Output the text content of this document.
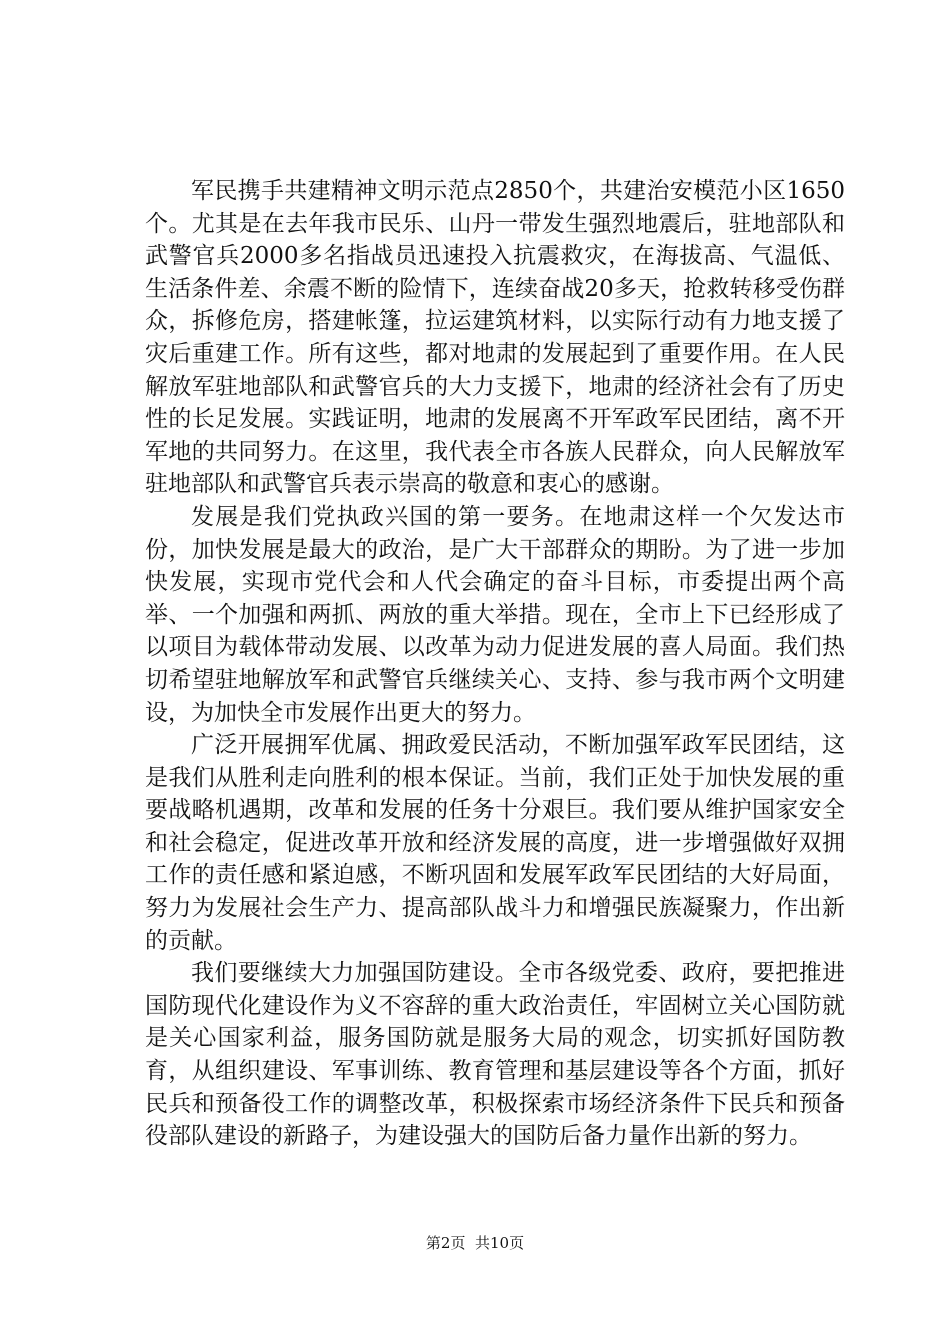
军民携手共建精神文明示范点2850个，共建治安模范小区1650个。尤其是在去年我市民乐、山丹一带发生强烈地震后，驻地部队和武警官兵2000多名指战员迅速投入抗震救灾，在海拔高、气温低、生活条件差、余震不断的险情下，连续奋战20多天，抢救转移受伤群众，拆修危房，搭建帐篷，拉运建筑材料，以实际行动有力地支援了灾后重建工作。所有这些，都对地肃的发展起到了重要作用。在人民解放军驻地部队和武警官兵的大力支援下，地肃的经济社会有了历史性的长足发展。实践证明，地肃的发展离不开军政军民团结，离不开军地的共同努力。在这里，我代表全市各族人民群众，向人民解放军驻地部队和武警官兵表示崇高的敬意和衷心的感谢。

发展是我们党执政兴国的第一要务。在地肃这样一个欠发达市份，加快发展是最大的政治，是广大干部群众的期盼。为了进一步加快发展，实现市党代会和人代会确定的奋斗目标，市委提出两个高举、一个加强和两抓、两放的重大举措。现在，全市上下已经形成了以项目为载体带动发展、以改革为动力促进发展的喜人局面。我们热切希望驻地解放军和武警官兵继续关心、支持、参与我市两个文明建设，为加快全市发展作出更大的努力。

广泛开展拥军优属、拥政爱民活动，不断加强军政军民团结，这是我们从胜利走向胜利的根本保证。当前，我们正处于加快发展的重要战略机遇期，改革和发展的任务十分艰巨。我们要从维护国家安全和社会稳定，促进改革开放和经济发展的高度，进一步增强做好双拥工作的责任感和紧迫感，不断巩固和发展军政军民团结的大好局面，努力为发展社会生产力、提高部队战斗力和增强民族凝聚力，作出新的贡献。

我们要继续大力加强国防建设。全市各级党委、政府，要把推进国防现代化建设作为义不容辞的重大政治责任，牢固树立关心国防就是关心国家利益，服务国防就是服务大局的观念，切实抓好国防教育，从组织建设、军事训练、教育管理和基层建设等各个方面，抓好民兵和预备役工作的调整改革，积极探索市场经济条件下民兵和预备役部队建设的新路子，为建设强大的国防后备力量作出新的努力。

第2页  共10页
